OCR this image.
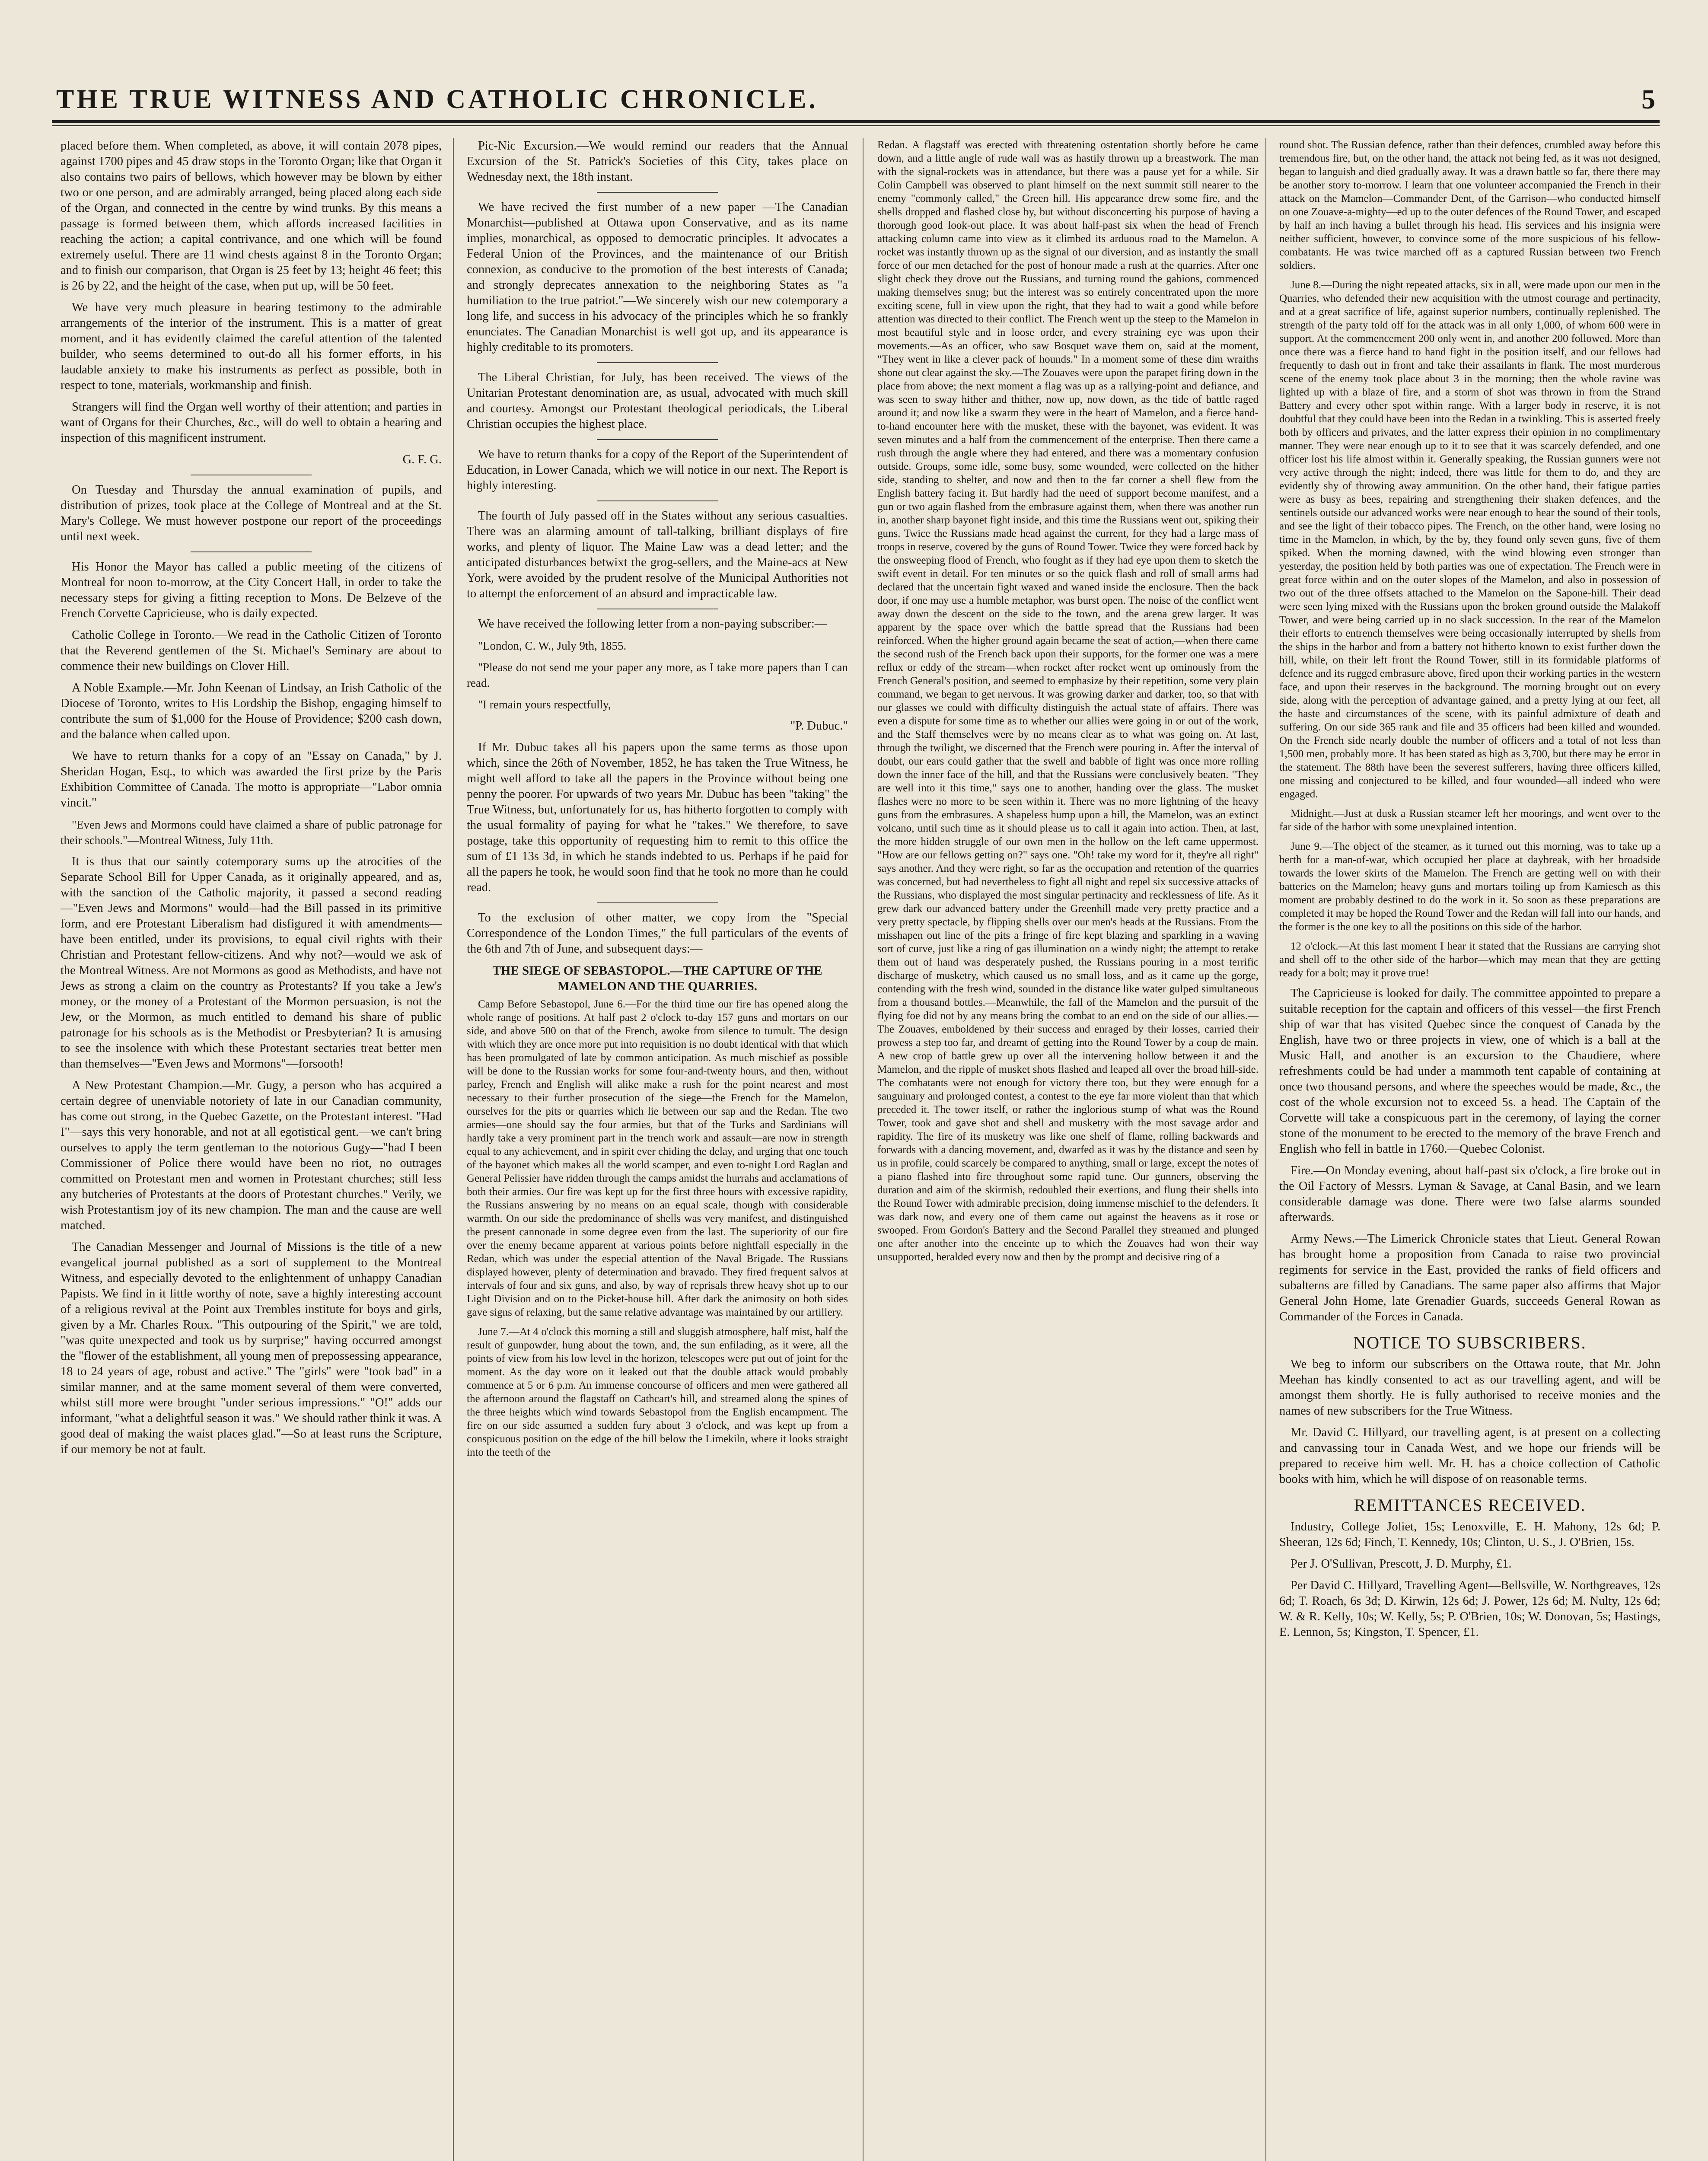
THE TRUE WITNESS AND CATHOLIC CHRONICLE.	5

placed before them. When completed, as above, it will contain 2078 pipes, against 1700 pipes and 45 draw stops in the Toronto Organ; like that Organ it also contains two pairs of bellows, which however may be blown by either two or one person, and are admirably arranged, being placed along each side of the Organ, and connected in the centre by wind trunks. By this means a passage is formed between them, which affords increased facilities in reaching the action; a capital contrivance, and one which will be found extremely useful. There are 11 wind chests against 8 in the Toronto Organ; and to finish our comparison, that Organ is 25 feet by 13; height 46 feet; this is 26 by 22, and the height of the case, when put up, will be 50 feet.

We have very much pleasure in bearing testimony to the admirable arrangements of the interior of the instrument. This is a matter of great moment, and it has evidently claimed the careful attention of the talented builder, who seems determined to out-do all his former efforts, in his laudable anxiety to make his instruments as perfect as possible, both in respect to tone, materials, workmanship and finish.

Strangers will find the Organ well worthy of their attention; and parties in want of Organs for their Churches, &c., will do well to obtain a hearing and inspection of this magnificent instrument.

G. F. G.

On Tuesday and Thursday the annual examination of pupils, and distribution of prizes, took place at the College of Montreal and at the St. Mary's College. We must however postpone our report of the proceedings until next week.

His Honor the Mayor has called a public meeting of the citizens of Montreal for noon to-morrow, at the City Concert Hall, in order to take the necessary steps for giving a fitting reception to Mons. De Belzeve of the French Corvette Capricieuse, who is daily expected.

Catholic College in Toronto.—We read in the Catholic Citizen of Toronto that the Reverend gentlemen of the St. Michael's Seminary are about to commence their new buildings on Clover Hill.

A Noble Example.—Mr. John Keenan of Lindsay, an Irish Catholic of the Diocese of Toronto, writes to His Lordship the Bishop, engaging himself to contribute the sum of $1,000 for the House of Providence; $200 cash down, and the balance when called upon.

We have to return thanks for a copy of an "Essay on Canada," by J. Sheridan Hogan, Esq., to which was awarded the first prize by the Paris Exhibition Committee of Canada. The motto is appropriate—"Labor omnia vincit."

"Even Jews and Mormons could have claimed a share of public patronage for their schools."—Montreal Witness, July 11th.

It is thus that our saintly cotemporary sums up the atrocities of the Separate School Bill for Upper Canada, as it originally appeared, and as, with the sanction of the Catholic majority, it passed a second reading—"Even Jews and Mormons" would—had the Bill passed in its primitive form, and ere Protestant Liberalism had disfigured it with amendments—have been entitled, under its provisions, to equal civil rights with their Christian and Protestant fellow-citizens. And why not?—would we ask of the Montreal Witness. Are not Mormons as good as Methodists, and have not Jews as strong a claim on the country as Protestants? If you take a Jew's money, or the money of a Protestant of the Mormon persuasion, is not the Jew, or the Mormon, as much entitled to demand his share of public patronage for his schools as is the Methodist or Presbyterian? It is amusing to see the insolence with which these Protestant sectaries treat better men than themselves—"Even Jews and Mormons"—forsooth!

A New Protestant Champion.—Mr. Gugy, a person who has acquired a certain degree of unenviable notoriety of late in our Canadian community, has come out strong, in the Quebec Gazette, on the Protestant interest. "Had I"—says this very honorable, and not at all egotistical gent.—we can't bring ourselves to apply the term gentleman to the notorious Gugy—"had I been Commissioner of Police there would have been no riot, no outrages committed on Protestant men and women in Protestant churches; still less any butcheries of Protestants at the doors of Protestant churches." Verily, we wish Protestantism joy of its new champion. The man and the cause are well matched.

The Canadian Messenger and Journal of Missions is the title of a new evangelical journal published as a sort of supplement to the Montreal Witness, and especially devoted to the enlightenment of unhappy Canadian Papists. We find in it little worthy of note, save a highly interesting account of a religious revival at the Point aux Trembles institute for boys and girls, given by a Mr. Charles Roux. "This outpouring of the Spirit," we are told, "was quite unexpected and took us by surprise;" having occurred amongst the "flower of the establishment, all young men of prepossessing appearance, 18 to 24 years of age, robust and active." The "girls" were "took bad" in a similar manner, and at the same moment several of them were converted, whilst still more were brought "under serious impressions." "O!" adds our informant, "what a delightful season it was." We should rather think it was. A good deal of making the waist places glad."—So at least runs the Scripture, if our memory be not at fault.

Pic-Nic Excursion.—We would remind our readers that the Annual Excursion of the St. Patrick's Societies of this City, takes place on Wednesday next, the 18th instant.

We have recived the first number of a new paper —The Canadian Monarchist—published at Ottawa upon Conservative, and as its name implies, monarchical, as opposed to democratic principles. It advocates a Federal Union of the Provinces, and the maintenance of our British connexion, as conducive to the promotion of the best interests of Canada; and strongly deprecates annexation to the neighboring States as "a humiliation to the true patriot."—We sincerely wish our new cotemporary a long life, and success in his advocacy of the principles which he so frankly enunciates. The Canadian Monarchist is well got up, and its appearance is highly creditable to its promoters.

The Liberal Christian, for July, has been received. The views of the Unitarian Protestant denomination are, as usual, advocated with much skill and courtesy. Amongst our Protestant theological periodicals, the Liberal Christian occupies the highest place.

We have to return thanks for a copy of the Report of the Superintendent of Education, in Lower Canada, which we will notice in our next. The Report is highly interesting.

The fourth of July passed off in the States without any serious casualties. There was an alarming amount of tall-talking, brilliant displays of fire works, and plenty of liquor. The Maine Law was a dead letter; and the anticipated disturbances betwixt the grog-sellers, and the Maine-acs at New York, were avoided by the prudent resolve of the Municipal Authorities not to attempt the enforcement of an absurd and impracticable law.

We have received the following letter from a non-paying subscriber:—

"London, C. W., July 9th, 1855.

"Please do not send me your paper any more, as I take more papers than I can read.

"I remain yours respectfully,

"P. Dubuc."

If Mr. Dubuc takes all his papers upon the same terms as those upon which, since the 26th of November, 1852, he has taken the True Witness, he might well afford to take all the papers in the Province without being one penny the poorer. For upwards of two years Mr. Dubuc has been "taking" the True Witness, but, unfortunately for us, has hitherto forgotten to comply with the usual formality of paying for what he "takes." We therefore, to save postage, take this opportunity of requesting him to remit to this office the sum of £1 13s 3d, in which he stands indebted to us. Perhaps if he paid for all the papers he took, he would soon find that he took no more than he could read.

To the exclusion of other matter, we copy from the "Special Correspondence of the London Times," the full particulars of the events of the 6th and 7th of June, and subsequent days:—

THE SIEGE OF SEBASTOPOL.—THE CAPTURE OF THE MAMELON AND THE QUARRIES.

Camp Before Sebastopol, June 6.—For the third time our fire has opened along the whole range of positions. At half past 2 o'clock to-day 157 guns and mortars on our side, and above 500 on that of the French, awoke from silence to tumult. The design with which they are once more put into requisition is no doubt identical with that which has been promulgated of late by common anticipation. As much mischief as possible will be done to the Russian works for some four-and-twenty hours, and then, without parley, French and English will alike make a rush for the point nearest and most necessary to their further prosecution of the siege—the French for the Mamelon, ourselves for the pits or quarries which lie between our sap and the Redan. The two armies—one should say the four armies, but that of the Turks and Sardinians will hardly take a very prominent part in the trench work and assault—are now in strength equal to any achievement, and in spirit ever chiding the delay, and urging that one touch of the bayonet which makes all the world scamper, and even to-night Lord Raglan and General Pelissier have ridden through the camps amidst the hurrahs and acclamations of both their armies. Our fire was kept up for the first three hours with excessive rapidity, the Russians answering by no means on an equal scale, though with considerable warmth. On our side the predominance of shells was very manifest, and distinguished the present cannonade in some degree even from the last. The superiority of our fire over the enemy became apparent at various points before nightfall especially in the Redan, which was under the especial attention of the Naval Brigade. The Russians displayed however, plenty of determination and bravado. They fired frequent salvos at intervals of four and six guns, and also, by way of reprisals threw heavy shot up to our Light Division and on to the Picket-house hill. After dark the animosity on both sides gave signs of relaxing, but the same relative advantage was maintained by our artillery.

June 7.—At 4 o'clock this morning a still and sluggish atmosphere, half mist, half the result of gunpowder, hung about the town, and, the sun enfilading, as it were, all the points of view from his low level in the horizon, telescopes were put out of joint for the moment. As the day wore on it leaked out that the double attack would probably commence at 5 or 6 p.m. An immense concourse of officers and men were gathered all the afternoon around the flagstaff on Cathcart's hill, and streamed along the spines of the three heights which wind towards Sebastopol from the English encampment. The fire on our side assumed a sudden fury about 3 o'clock, and was kept up from a conspicuous position on the edge of the hill below the Limekiln, where it looks straight into the teeth of the

Redan. A flagstaff was erected with threatening ostentation shortly before he came down, and a little angle of rude wall was as hastily thrown up a breastwork. The man with the signal-rockets was in attendance, but there was a pause yet for a while. Sir Colin Campbell was observed to plant himself on the next summit still nearer to the enemy "commonly called," the Green hill. His appearance drew some fire, and the shells dropped and flashed close by, but without disconcerting his purpose of having a thorough good look-out place. It was about half-past six when the head of French attacking column came into view as it climbed its arduous road to the Mamelon. A rocket was instantly thrown up as the signal of our diversion, and as instantly the small force of our men detached for the post of honour made a rush at the quarries. After one slight check they drove out the Russians, and turning round the gabions, commenced making themselves snug; but the interest was so entirely concentrated upon the more exciting scene, full in view upon the right, that they had to wait a good while before attention was directed to their conflict. The French went up the steep to the Mamelon in most beautiful style and in loose order, and every straining eye was upon their movements.—As an officer, who saw Bosquet wave them on, said at the moment, "They went in like a clever pack of hounds." In a moment some of these dim wraiths shone out clear against the sky.—The Zouaves were upon the parapet firing down in the place from above; the next moment a flag was up as a rallying-point and defiance, and was seen to sway hither and thither, now up, now down, as the tide of battle raged around it; and now like a swarm they were in the heart of Mamelon, and a fierce hand-to-hand encounter here with the musket, these with the bayonet, was evident. It was seven minutes and a half from the commencement of the enterprise. Then there came a rush through the angle where they had entered, and there was a momentary confusion outside. Groups, some idle, some busy, some wounded, were collected on the hither side, standing to shelter, and now and then to the far corner a shell flew from the English battery facing it. But hardly had the need of support become manifest, and a gun or two again flashed from the embrasure against them, when there was another run in, another sharp bayonet fight inside, and this time the Russians went out, spiking their guns. Twice the Russians made head against the current, for they had a large mass of troops in reserve, covered by the guns of Round Tower. Twice they were forced back by the onsweeping flood of French, who fought as if they had eye upon them to sketch the swift event in detail. For ten minutes or so the quick flash and roll of small arms had declared that the uncertain fight waxed and waned inside the enclosure. Then the back door, if one may use a humble metaphor, was burst open. The noise of the conflict went away down the descent on the side to the town, and the arena grew larger. It was apparent by the space over which the battle spread that the Russians had been reinforced. When the higher ground again became the seat of action,—when there came the second rush of the French back upon their supports, for the former one was a mere reflux or eddy of the stream—when rocket after rocket went up ominously from the French General's position, and seemed to emphasize by their repetition, some very plain command, we began to get nervous. It was growing darker and darker, too, so that with our glasses we could with difficulty distinguish the actual state of affairs. There was even a dispute for some time as to whether our allies were going in or out of the work, and the Staff themselves were by no means clear as to what was going on. At last, through the twilight, we discerned that the French were pouring in. After the interval of doubt, our ears could gather that the swell and babble of fight was once more rolling down the inner face of the hill, and that the Russians were conclusively beaten. "They are well into it this time," says one to another, handing over the glass. The musket flashes were no more to be seen within it. There was no more lightning of the heavy guns from the embrasures. A shapeless hump upon a hill, the Mamelon, was an extinct volcano, until such time as it should please us to call it again into action. Then, at last, the more hidden struggle of our own men in the hollow on the left came uppermost. "How are our fellows getting on?" says one. "Oh! take my word for it, they're all right" says another. And they were right, so far as the occupation and retention of the quarries was concerned, but had nevertheless to fight all night and repel six successive attacks of the Russians, who displayed the most singular pertinacity and recklessness of life. As it grew dark our advanced battery under the Greenhill made very pretty practice and a very pretty spectacle, by flipping shells over our men's heads at the Russians. From the misshapen out line of the pits a fringe of fire kept blazing and sparkling in a waving sort of curve, just like a ring of gas illumination on a windy night; the attempt to retake them out of hand was desperately pushed, the Russians pouring in a most terrific discharge of musketry, which caused us no small loss, and as it came up the gorge, contending with the fresh wind, sounded in the distance like water gulped simultaneous from a thousand bottles.—Meanwhile, the fall of the Mamelon and the pursuit of the flying foe did not by any means bring the combat to an end on the side of our allies.—The Zouaves, emboldened by their success and enraged by their losses, carried their prowess a step too far, and dreamt of getting into the Round Tower by a coup de main. A new crop of battle grew up over all the intervening hollow between it and the Mamelon, and the ripple of musket shots flashed and leaped all over the broad hill-side. The combatants were not enough for victory there too, but they were enough for a sanguinary and prolonged contest, a contest to the eye far more violent than that which preceded it. The tower itself, or rather the inglorious stump of what was the Round Tower, took and gave shot and shell and musketry with the most savage ardor and rapidity. The fire of its musketry was like one shelf of flame, rolling backwards and forwards with a dancing movement, and, dwarfed as it was by the distance and seen by us in profile, could scarcely be compared to anything, small or large, except the notes of a piano flashed into fire throughout some rapid tune. Our gunners, observing the duration and aim of the skirmish, redoubled their exertions, and flung their shells into the Round Tower with admirable precision, doing immense mischief to the defenders. It was dark now, and every one of them came out against the heavens as it rose or swooped. From Gordon's Battery and the Second Parallel they streamed and plunged one after another into the enceinte up to which the Zouaves had won their way unsupported, heralded every now and then by the prompt and decisive ring of a

round shot. The Russian defence, rather than their defences, crumbled away before this tremendous fire, but, on the other hand, the attack not being fed, as it was not designed, began to languish and died gradually away. It was a drawn battle so far, there there may be another story to-morrow. I learn that one volunteer accompanied the French in their attack on the Mamelon—Commander Dent, of the Garrison—who conducted himself on one Zouave-a-mighty—ed up to the outer defences of the Round Tower, and escaped by half an inch having a bullet through his head. His services and his insignia were neither sufficient, however, to convince some of the more suspicious of his fellow-combatants. He was twice marched off as a captured Russian between two French soldiers.

June 8.—During the night repeated attacks, six in all, were made upon our men in the Quarries, who defended their new acquisition with the utmost courage and pertinacity, and at a great sacrifice of life, against superior numbers, continually replenished. The strength of the party told off for the attack was in all only 1,000, of whom 600 were in support. At the commencement 200 only went in, and another 200 followed. More than once there was a fierce hand to hand fight in the position itself, and our fellows had frequently to dash out in front and take their assailants in flank. The most murderous scene of the enemy took place about 3 in the morning; then the whole ravine was lighted up with a blaze of fire, and a storm of shot was thrown in from the Strand Battery and every other spot within range. With a larger body in reserve, it is not doubtful that they could have been into the Redan in a twinkling. This is asserted freely both by officers and privates, and the latter express their opinion in no complimentary manner. They were near enough up to it to see that it was scarcely defended, and one officer lost his life almost within it. Generally speaking, the Russian gunners were not very active through the night; indeed, there was little for them to do, and they are evidently shy of throwing away ammunition. On the other hand, their fatigue parties were as busy as bees, repairing and strengthening their shaken defences, and the sentinels outside our advanced works were near enough to hear the sound of their tools, and see the light of their tobacco pipes. The French, on the other hand, were losing no time in the Mamelon, in which, by the by, they found only seven guns, five of them spiked. When the morning dawned, with the wind blowing even stronger than yesterday, the position held by both parties was one of expectation. The French were in great force within and on the outer slopes of the Mamelon, and also in possession of two out of the three offsets attached to the Mamelon on the Sapone-hill. Their dead were seen lying mixed with the Russians upon the broken ground outside the Malakoff Tower, and were being carried up in no slack succession. In the rear of the Mamelon their efforts to entrench themselves were being occasionally interrupted by shells from the ships in the harbor and from a battery not hitherto known to exist further down the hill, while, on their left front the Round Tower, still in its formidable platforms of defence and its rugged embrasure above, fired upon their working parties in the western face, and upon their reserves in the background. The morning brought out on every side, along with the perception of advantage gained, and a pretty lying at our feet, all the haste and circumstances of the scene, with its painful admixture of death and suffering. On our side 365 rank and file and 35 officers had been killed and wounded. On the French side nearly double the number of officers and a total of not less than 1,500 men, probably more. It has been stated as high as 3,700, but there may be error in the statement. The 88th have been the severest sufferers, having three officers killed, one missing and conjectured to be killed, and four wounded—all indeed who were engaged.

Midnight.—Just at dusk a Russian steamer left her moorings, and went over to the far side of the harbor with some unexplained intention.

June 9.—The object of the steamer, as it turned out this morning, was to take up a berth for a man-of-war, which occupied her place at daybreak, with her broadside towards the lower skirts of the Mamelon. The French are getting well on with their batteries on the Mamelon; heavy guns and mortars toiling up from Kamiesch as this moment are probably destined to do the work in it. So soon as these preparations are completed it may be hoped the Round Tower and the Redan will fall into our hands, and the former is the one key to all the positions on this side of the harbor.

12 o'clock.—At this last moment I hear it stated that the Russians are carrying shot and shell off to the other side of the harbor—which may mean that they are getting ready for a bolt; may it prove true!

The Capricieuse is looked for daily. The committee appointed to prepare a suitable reception for the captain and officers of this vessel—the first French ship of war that has visited Quebec since the conquest of Canada by the English, have two or three projects in view, one of which is a ball at the Music Hall, and another is an excursion to the Chaudiere, where refreshments could be had under a mammoth tent capable of containing at once two thousand persons, and where the speeches would be made, &c., the cost of the whole excursion not to exceed 5s. a head. The Captain of the Corvette will take a conspicuous part in the ceremony, of laying the corner stone of the monument to be erected to the memory of the brave French and English who fell in battle in 1760.—Quebec Colonist.

Fire.—On Monday evening, about half-past six o'clock, a fire broke out in the Oil Factory of Messrs. Lyman & Savage, at Canal Basin, and we learn considerable damage was done. There were two false alarms sounded afterwards.

Army News.—The Limerick Chronicle states that Lieut. General Rowan has brought home a proposition from Canada to raise two provincial regiments for service in the East, provided the ranks of field officers and subalterns are filled by Canadians. The same paper also affirms that Major General John Home, late Grenadier Guards, succeeds General Rowan as Commander of the Forces in Canada.

NOTICE TO SUBSCRIBERS.

We beg to inform our subscribers on the Ottawa route, that Mr. John Meehan has kindly consented to act as our travelling agent, and will be amongst them shortly. He is fully authorised to receive monies and the names of new subscribers for the True Witness.

Mr. David C. Hillyard, our travelling agent, is at present on a collecting and canvassing tour in Canada West, and we hope our friends will be prepared to receive him well. Mr. H. has a choice collection of Catholic books with him, which he will dispose of on reasonable terms.

REMITTANCES RECEIVED.

Industry, College Joliet, 15s; Lenoxville, E. H. Mahony, 12s 6d; P. Sheeran, 12s 6d; Finch, T. Kennedy, 10s; Clinton, U. S., J. O'Brien, 15s.

Per J. O'Sullivan, Prescott, J. D. Murphy, £1.

Per David C. Hillyard, Travelling Agent—Bellsville, W. Northgreaves, 12s 6d; T. Roach, 6s 3d; D. Kirwin, 12s 6d; J. Power, 12s 6d; M. Nulty, 12s 6d; W. & R. Kelly, 10s; W. Kelly, 5s; P. O'Brien, 10s; W. Donovan, 5s; Hastings, E. Lennon, 5s; Kingston, T. Spencer, £1.
